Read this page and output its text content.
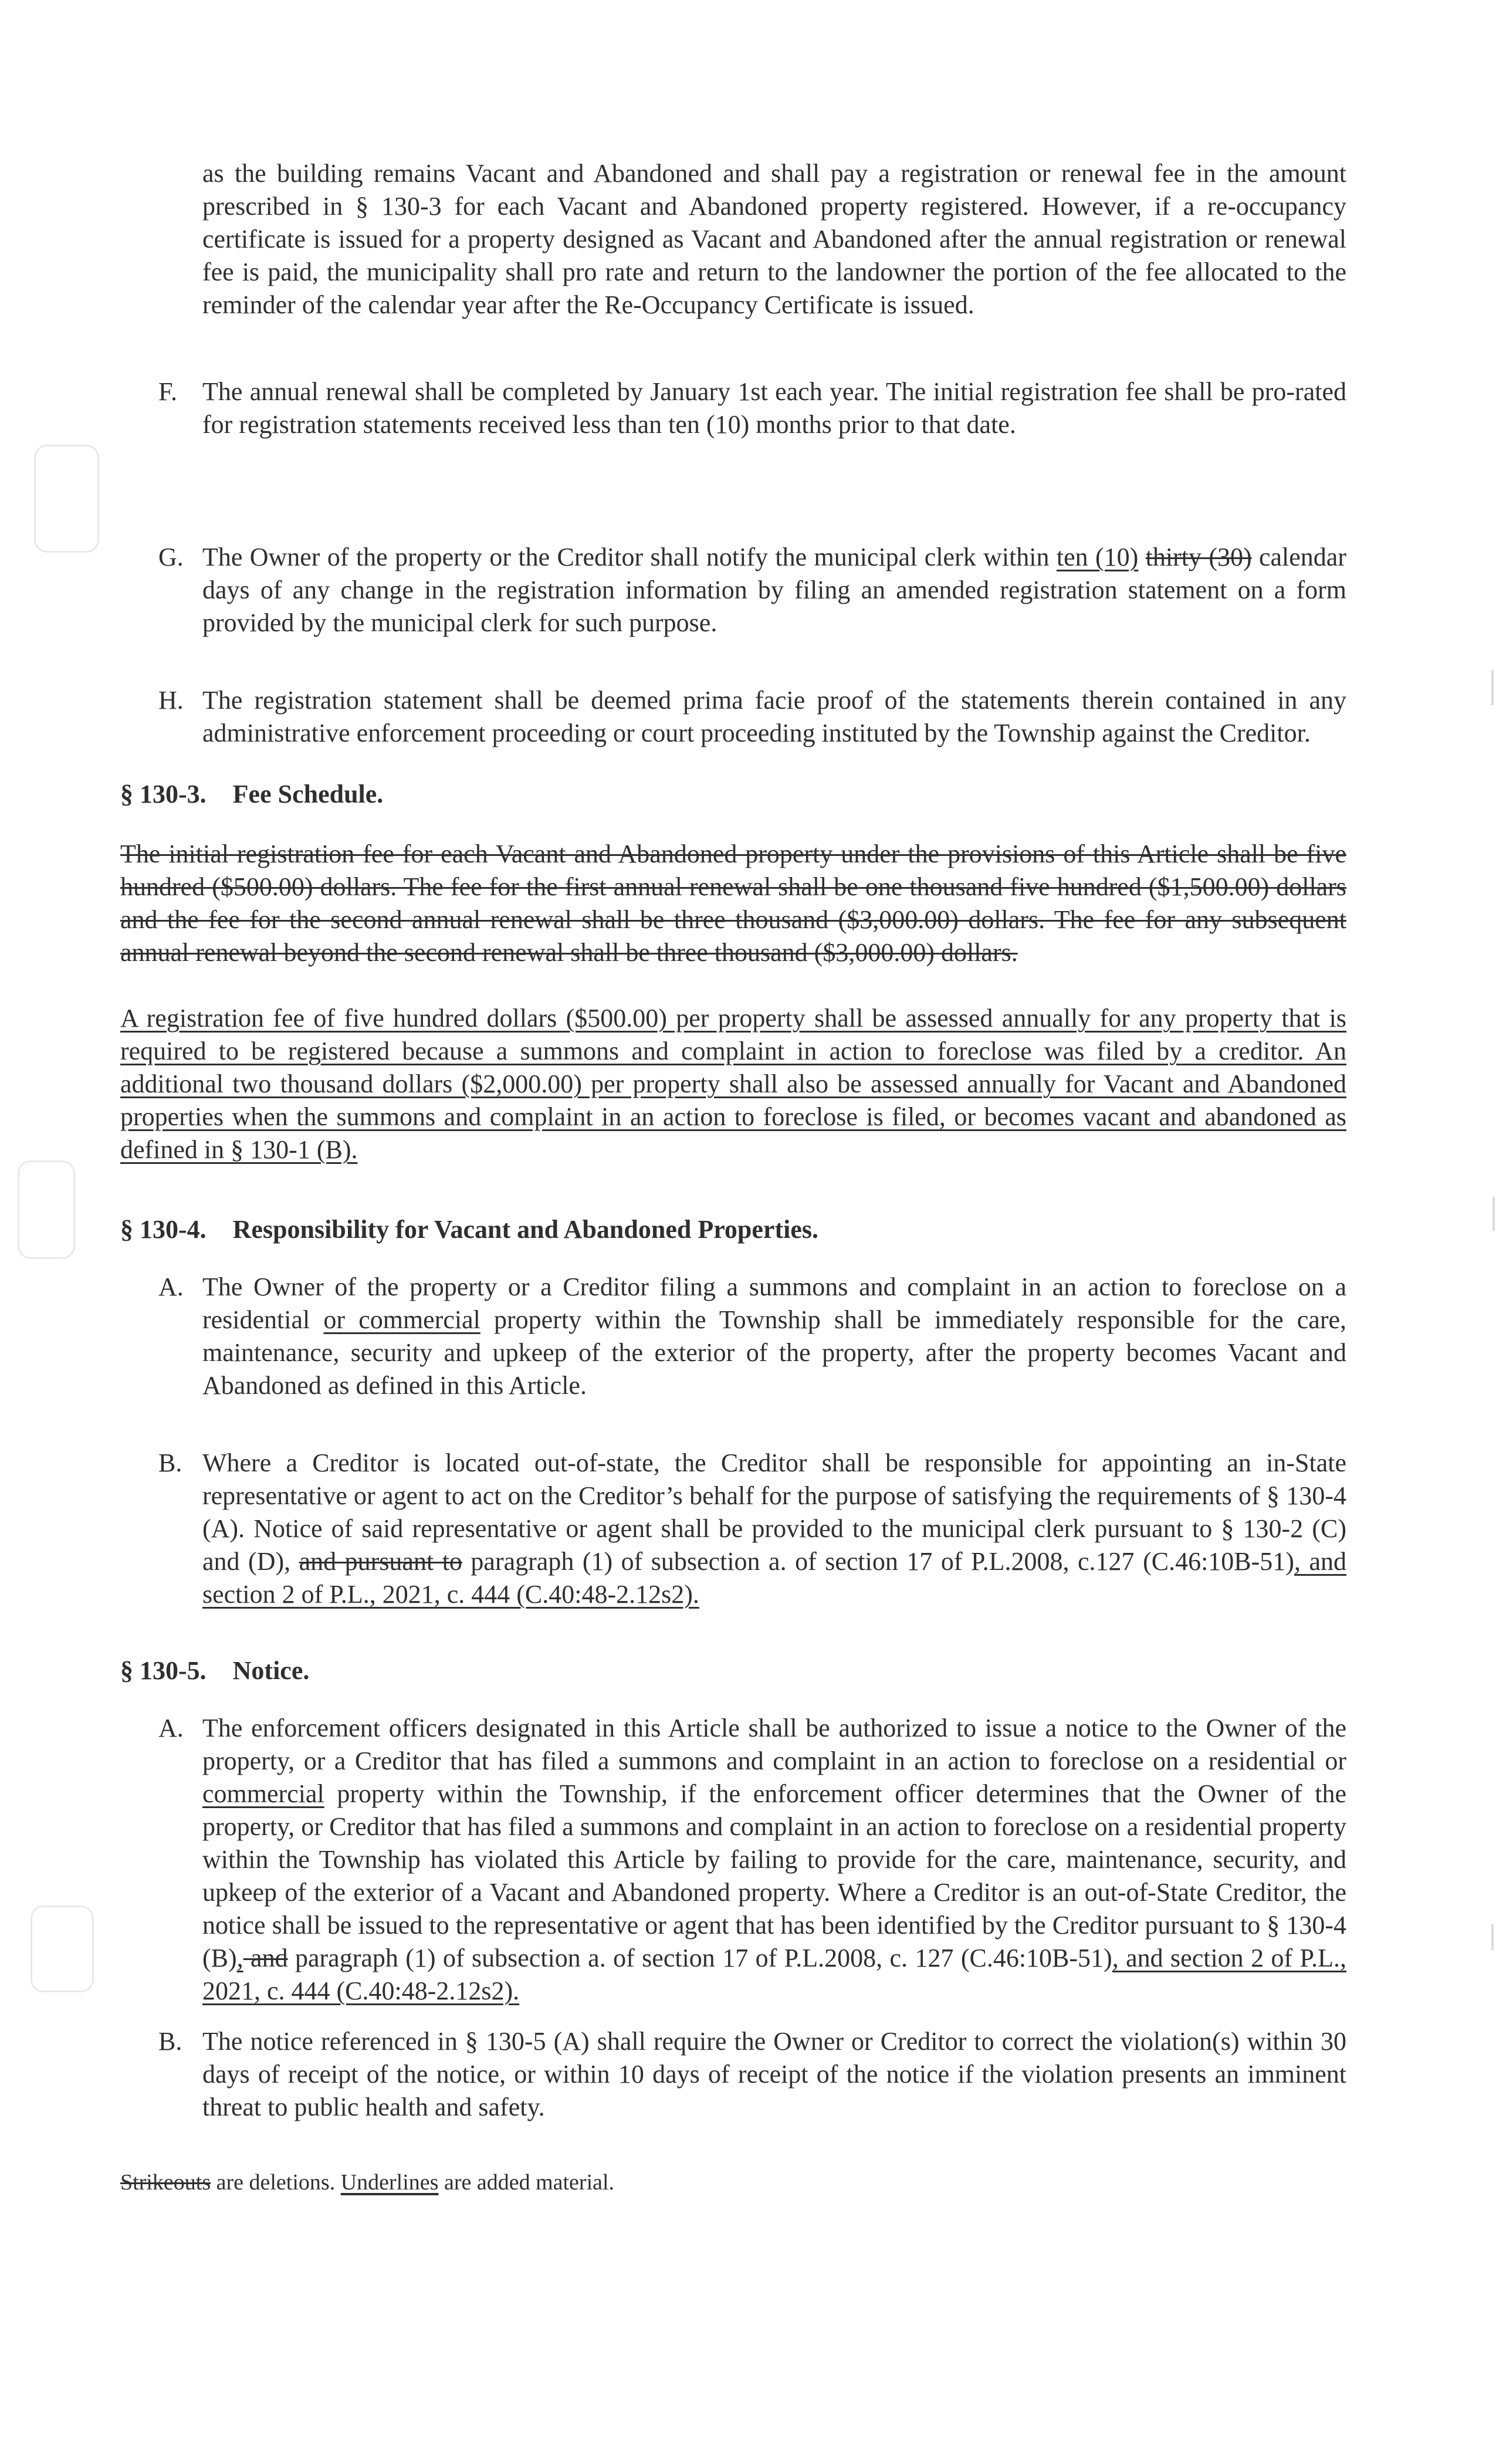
as the building remains Vacant and Abandoned and shall pay a registration or renewal fee in the amount prescribed in § 130-3 for each Vacant and Abandoned property registered. However, if a re-occupancy certificate is issued for a property designed as Vacant and Abandoned after the annual registration or renewal fee is paid, the municipality shall pro rate and return to the landowner the portion of the fee allocated to the reminder of the calendar year after the Re-Occupancy Certificate is issued.
F. The annual renewal shall be completed by January 1st each year. The initial registration fee shall be pro-rated for registration statements received less than ten (10) months prior to that date.
G. The Owner of the property or the Creditor shall notify the municipal clerk within ten (10) thirty (30) calendar days of any change in the registration information by filing an amended registration statement on a form provided by the municipal clerk for such purpose.
H. The registration statement shall be deemed prima facie proof of the statements therein contained in any administrative enforcement proceeding or court proceeding instituted by the Township against the Creditor.
§ 130-3. Fee Schedule.
The initial registration fee for each Vacant and Abandoned property under the provisions of this Article shall be five hundred ($500.00) dollars. The fee for the first annual renewal shall be one thousand five hundred ($1,500.00) dollars and the fee for the second annual renewal shall be three thousand ($3,000.00) dollars. The fee for any subsequent annual renewal beyond the second renewal shall be three thousand ($3,000.00) dollars.
A registration fee of five hundred dollars ($500.00) per property shall be assessed annually for any property that is required to be registered because a summons and complaint in action to foreclose was filed by a creditor. An additional two thousand dollars ($2,000.00) per property shall also be assessed annually for Vacant and Abandoned properties when the summons and complaint in an action to foreclose is filed, or becomes vacant and abandoned as defined in § 130-1 (B).
§ 130-4. Responsibility for Vacant and Abandoned Properties.
A. The Owner of the property or a Creditor filing a summons and complaint in an action to foreclose on a residential or commercial property within the Township shall be immediately responsible for the care, maintenance, security and upkeep of the exterior of the property, after the property becomes Vacant and Abandoned as defined in this Article.
B. Where a Creditor is located out-of-state, the Creditor shall be responsible for appointing an in-State representative or agent to act on the Creditor’s behalf for the purpose of satisfying the requirements of § 130-4 (A). Notice of said representative or agent shall be provided to the municipal clerk pursuant to § 130-2 (C) and (D), and pursuant to paragraph (1) of subsection a. of section 17 of P.L.2008, c.127 (C.46:10B-51), and section 2 of P.L., 2021, c. 444 (C.40:48-2.12s2).
§ 130-5. Notice.
A. The enforcement officers designated in this Article shall be authorized to issue a notice to the Owner of the property, or a Creditor that has filed a summons and complaint in an action to foreclose on a residential or commercial property within the Township, if the enforcement officer determines that the Owner of the property, or Creditor that has filed a summons and complaint in an action to foreclose on a residential property within the Township has violated this Article by failing to provide for the care, maintenance, security, and upkeep of the exterior of a Vacant and Abandoned property. Where a Creditor is an out-of-State Creditor, the notice shall be issued to the representative or agent that has been identified by the Creditor pursuant to § 130-4 (B), and paragraph (1) of subsection a. of section 17 of P.L.2008, c. 127 (C.46:10B-51), and section 2 of P.L., 2021, c. 444 (C.40:48-2.12s2).
B. The notice referenced in § 130-5 (A) shall require the Owner or Creditor to correct the violation(s) within 30 days of receipt of the notice, or within 10 days of receipt of the notice if the violation presents an imminent threat to public health and safety.
Strikeouts are deletions. Underlines are added material.
